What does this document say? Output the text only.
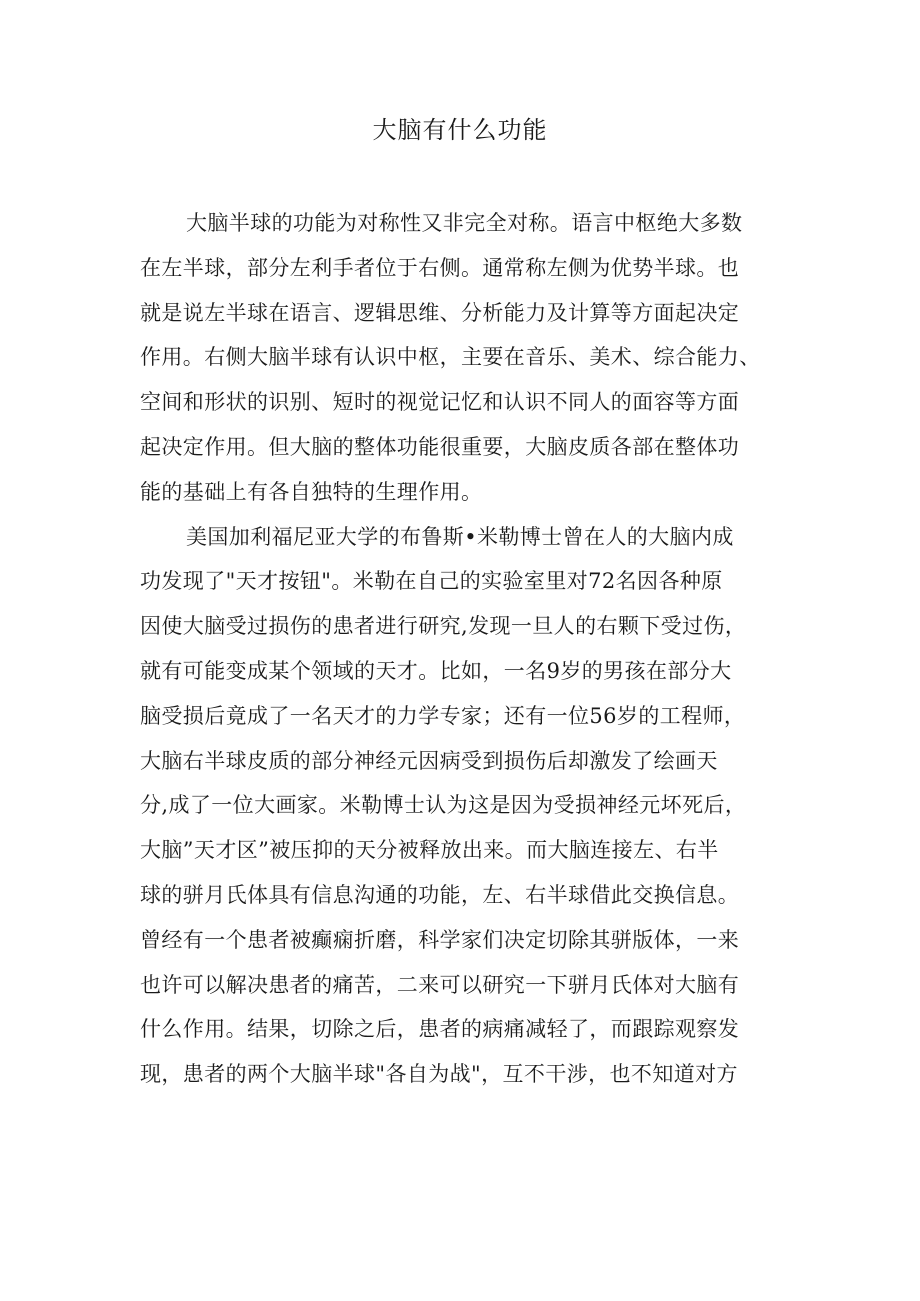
大脑有什么功能
大脑半球的功能为对称性又非完全对称。语言中枢绝大多数
在左半球，部分左利手者位于右侧。通常称左侧为优势半球。也
就是说左半球在语言、逻辑思维、分析能力及计算等方面起决定
作用。右侧大脑半球有认识中枢，主要在音乐、美术、综合能力、
空间和形状的识别、短时的视觉记忆和认识不同人的面容等方面
起决定作用。但大脑的整体功能很重要，大脑皮质各部在整体功
能的基础上有各自独特的生理作用。
美国加利福尼亚大学的布鲁斯•米勒博士曾在人的大脑内成
功发现了"天才按钮"。米勒在自己的实验室里对72名因各种原
因使大脑受过损伤的患者进行研究,发现一旦人的右颗下受过伤，
就有可能变成某个领域的天才。比如，一名9岁的男孩在部分大
脑受损后竟成了一名天才的力学专家；还有一位56岁的工程师，
大脑右半球皮质的部分神经元因病受到损伤后却激发了绘画天
分,成了一位大画家。米勒博士认为这是因为受损神经元坏死后，
大脑”天才区”被压抑的天分被释放出来。而大脑连接左、右半
球的骈月氏体具有信息沟通的功能，左、右半球借此交换信息。
曾经有一个患者被癫痫折磨，科学家们决定切除其骈版体，一来
也许可以解决患者的痛苦，二来可以研究一下骈月氏体对大脑有
什么作用。结果，切除之后，患者的病痛减轻了，而跟踪观察发
现，患者的两个大脑半球"各自为战"，互不干涉，也不知道对方
